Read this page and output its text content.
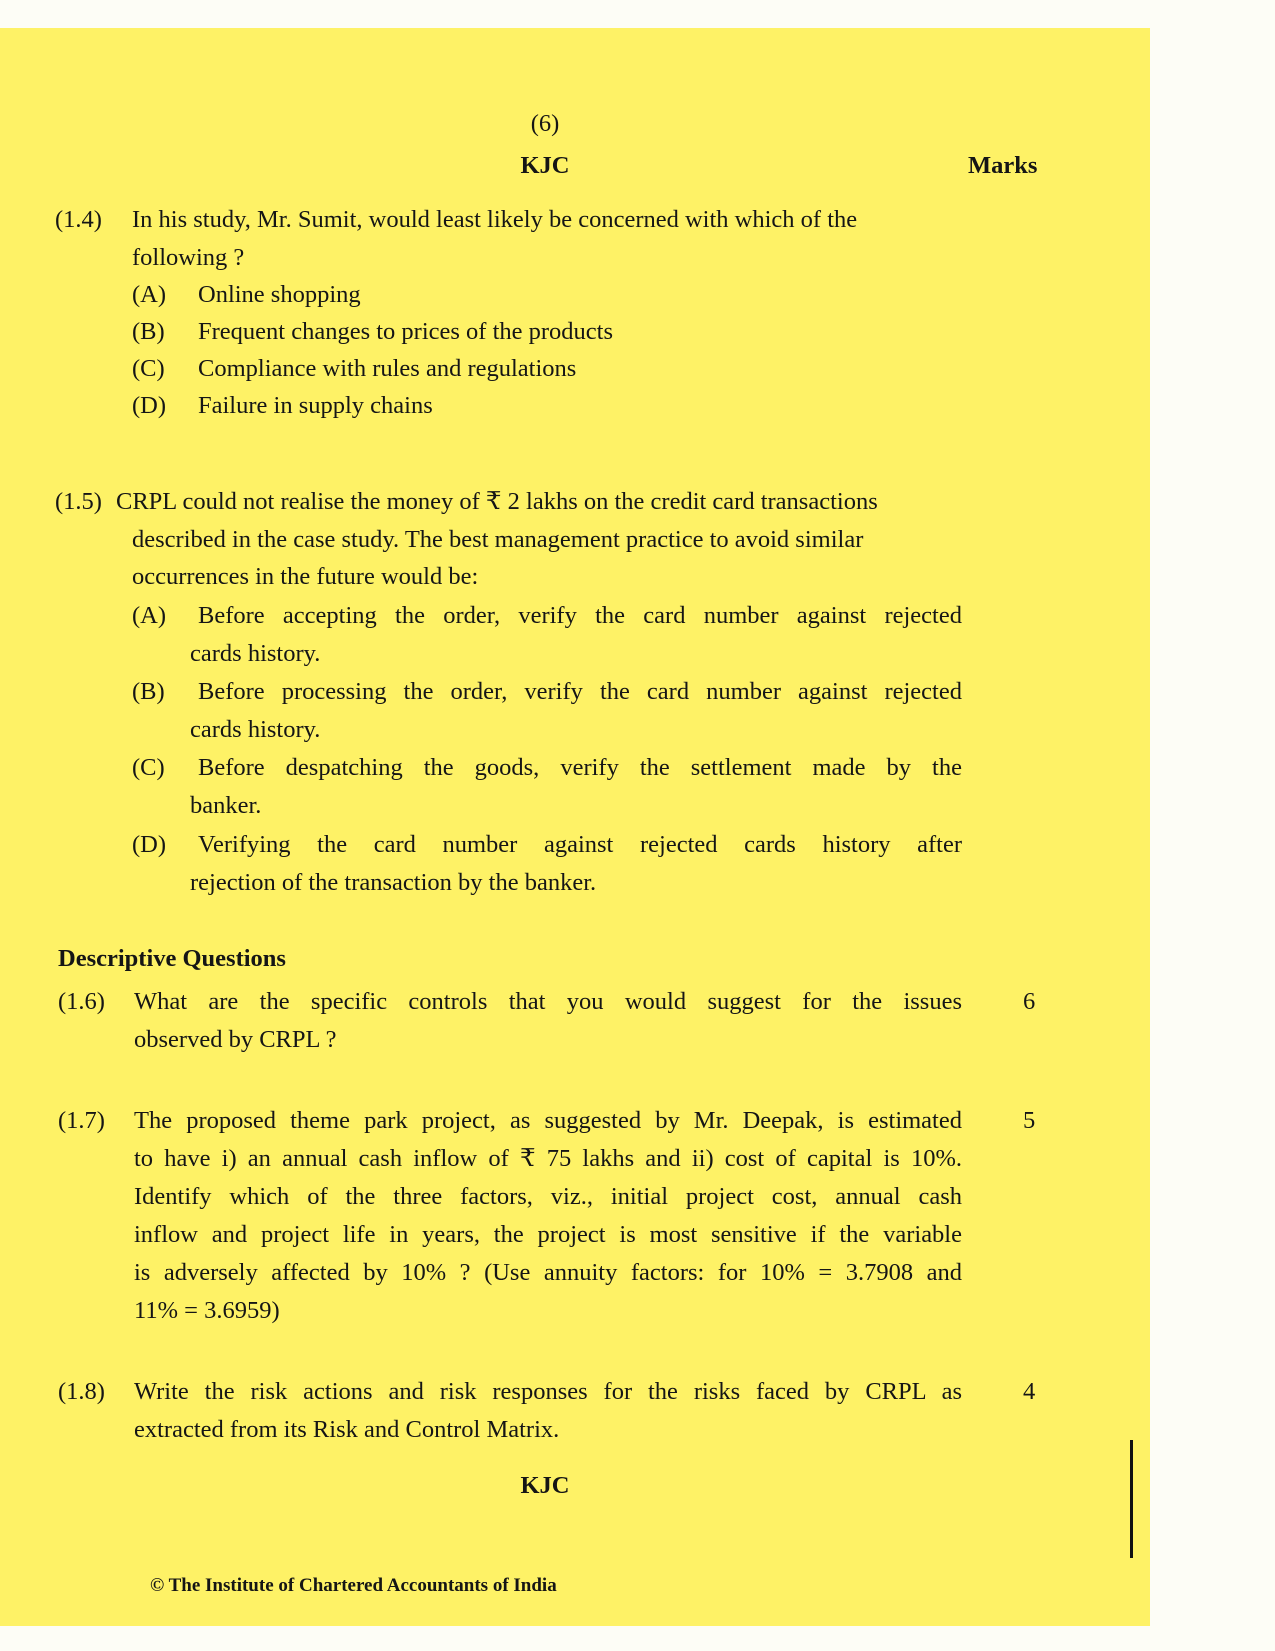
(6)
KJC	Marks
(1.4) In his study, Mr. Sumit, would least likely be concerned with which of the
following ?
(A) Online shopping
(B) Frequent changes to prices of the products
(C) Compliance with rules and regulations
(D) Failure in supply chains
(1.5) CRPL could not realise the money of ₹ 2 lakhs on the credit card transactions
described in the case study. The best management practice to avoid similar
occurrences in the future would be:
(A) Before accepting the order, verify the card number against rejected
cards history.
(B) Before processing the order, verify the card number against rejected
cards history.
(C) Before despatching the goods, verify the settlement made by the
banker.
(D) Verifying the card number against rejected cards history after
rejection of the transaction by the banker.
Descriptive Questions
(1.6) What are the specific controls that you would suggest for the issues
observed by CRPL ?
6
(1.7) The proposed theme park project, as suggested by Mr. Deepak, is estimated
to have i) an annual cash inflow of ₹ 75 lakhs and ii) cost of capital is 10%.
Identify which of the three factors, viz., initial project cost, annual cash
inflow and project life in years, the project is most sensitive if the variable
is adversely affected by 10% ? (Use annuity factors: for 10% = 3.7908 and
11% = 3.6959)
5
(1.8) Write the risk actions and risk responses for the risks faced by CRPL as
extracted from its Risk and Control Matrix.
4
KJC
© The Institute of Chartered Accountants of India
